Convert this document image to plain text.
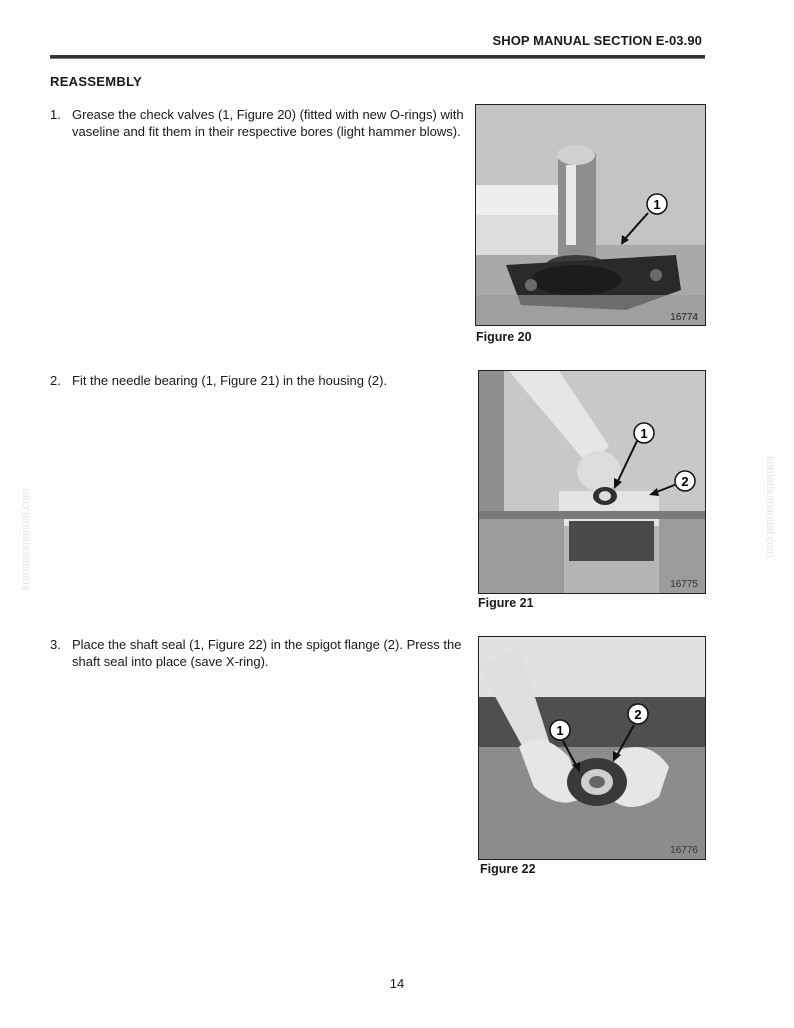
SHOP MANUAL SECTION E-03.90
REASSEMBLY
1. Grease the check valves (1, Figure 20) (fitted with new O-rings) with vaseline and fit them in their respective bores (light hammer blows).
1
16774
Figure 20
2. Fit the needle bearing (1, Figure 21) in the housing (2).
1
2
16775
Figure 21
3. Place the shaft seal (1, Figure 22) in the spigot flange (2). Press the shaft seal into place (save X-ring).
1
2
16776
Figure 22
komatsumanual.com	komatsumanual.com
14
